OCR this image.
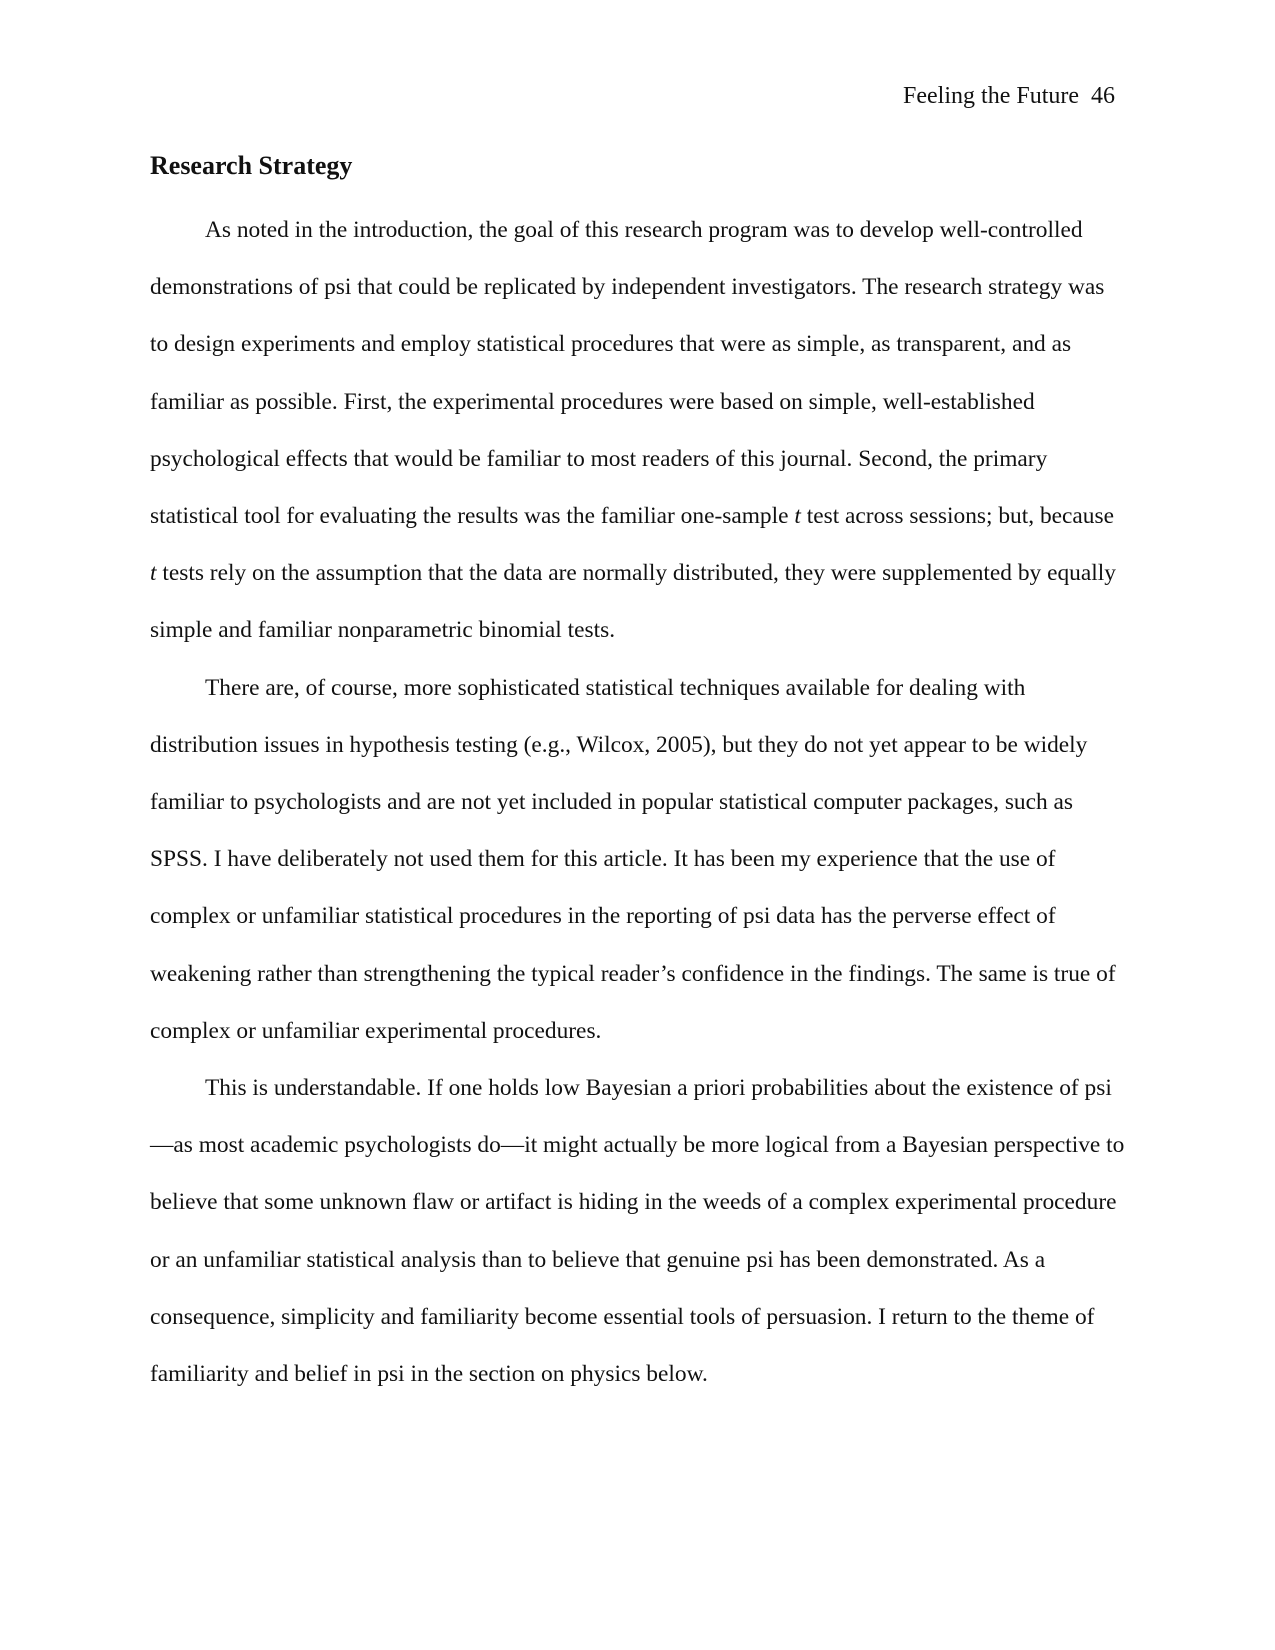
Feeling the Future 46
Research Strategy

As noted in the introduction, the goal of this research program was to develop well-controlled demonstrations of psi that could be replicated by independent investigators. The research strategy was to design experiments and employ statistical procedures that were as simple, as transparent, and as familiar as possible. First, the experimental procedures were based on simple, well-established psychological effects that would be familiar to most readers of this journal. Second, the primary statistical tool for evaluating the results was the familiar one-sample t test across sessions; but, because t tests rely on the assumption that the data are normally distributed, they were supplemented by equally simple and familiar nonparametric binomial tests.

There are, of course, more sophisticated statistical techniques available for dealing with distribution issues in hypothesis testing (e.g., Wilcox, 2005), but they do not yet appear to be widely familiar to psychologists and are not yet included in popular statistical computer packages, such as SPSS. I have deliberately not used them for this article. It has been my experience that the use of complex or unfamiliar statistical procedures in the reporting of psi data has the perverse effect of weakening rather than strengthening the typical reader’s confidence in the findings. The same is true of complex or unfamiliar experimental procedures.

This is understandable. If one holds low Bayesian a priori probabilities about the existence of psi—as most academic psychologists do—it might actually be more logical from a Bayesian perspective to believe that some unknown flaw or artifact is hiding in the weeds of a complex experimental procedure or an unfamiliar statistical analysis than to believe that genuine psi has been demonstrated. As a consequence, simplicity and familiarity become essential tools of persuasion. I return to the theme of familiarity and belief in psi in the section on physics below.
